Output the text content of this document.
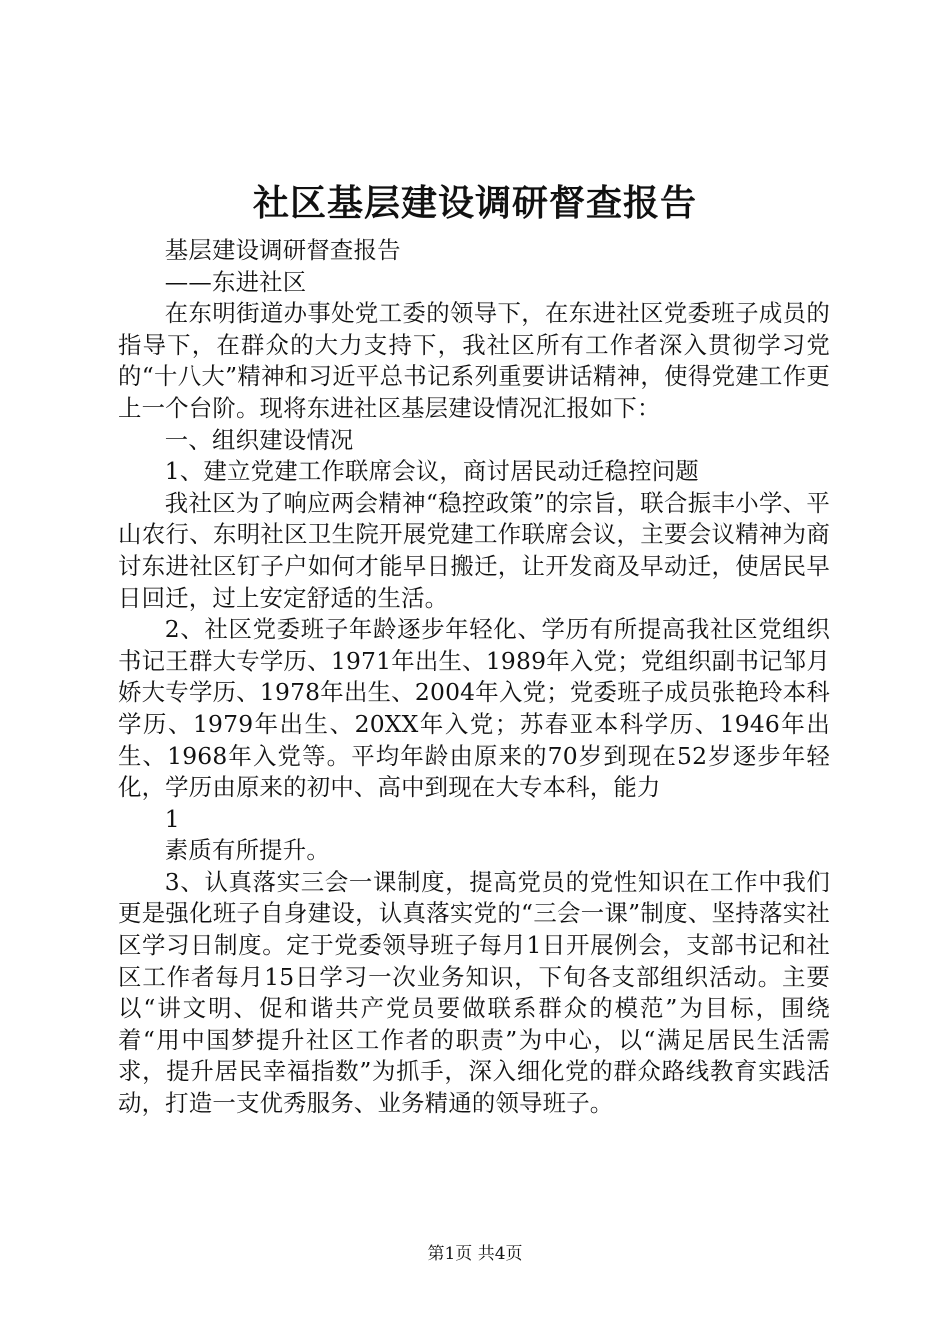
社区基层建设调研督查报告

基层建设调研督查报告

——东进社区

在东明街道办事处党工委的领导下，在东进社区党委班子成员的指导下，在群众的大力支持下，我社区所有工作者深入贯彻学习党的“十八大”精神和习近平总书记系列重要讲话精神，使得党建工作更上一个台阶。现将东进社区基层建设情况汇报如下：

一、组织建设情况

1、建立党建工作联席会议，商讨居民动迁稳控问题

我社区为了响应两会精神“稳控政策”的宗旨，联合振丰小学、平山农行、东明社区卫生院开展党建工作联席会议，主要会议精神为商讨东进社区钉子户如何才能早日搬迁，让开发商及早动迁，使居民早日回迁，过上安定舒适的生活。

2、社区党委班子年龄逐步年轻化、学历有所提高我社区党组织书记王群大专学历、1971年出生、1989年入党；党组织副书记邹月娇大专学历、1978年出生、2004年入党；党委班子成员张艳玲本科学历、1979年出生、20XX年入党；苏春亚本科学历、1946年出生、1968年入党等。平均年龄由原来的70岁到现在52岁逐步年轻化，学历由原来的初中、高中到现在大专本科，能力

1

素质有所提升。

3、认真落实三会一课制度，提高党员的党性知识在工作中我们更是强化班子自身建设，认真落实党的“三会一课”制度、坚持落实社区学习日制度。定于党委领导班子每月1日开展例会，支部书记和社区工作者每月15日学习一次业务知识，下旬各支部组织活动。主要以“讲文明、促和谐共产党员要做联系群众的模范”为目标，围绕着“用中国梦提升社区工作者的职责”为中心，以“满足居民生活需求，提升居民幸福指数”为抓手，深入细化党的群众路线教育实践活动，打造一支优秀服务、业务精通的领导班子。

第1页 共4页
